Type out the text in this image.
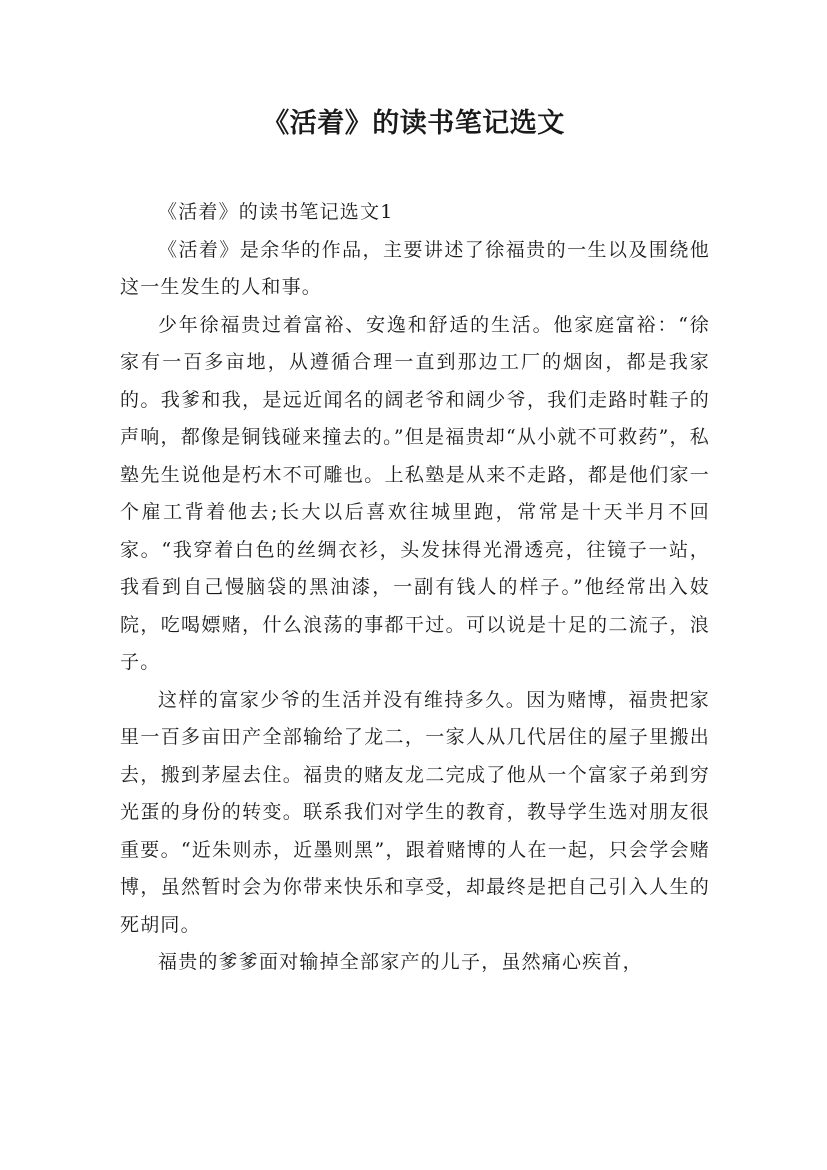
《活着》的读书笔记选文

《活着》的读书笔记选文1

《活着》是余华的作品，主要讲述了徐福贵的一生以及围绕他这一生发生的人和事。

少年徐福贵过着富裕、安逸和舒适的生活。他家庭富裕：“徐家有一百多亩地，从遵循合理一直到那边工厂的烟囱，都是我家的。我爹和我，是远近闻名的阔老爷和阔少爷，我们走路时鞋子的声响，都像是铜钱碰来撞去的。”但是福贵却“从小就不可救药”，私塾先生说他是朽木不可雕也。上私塾是从来不走路，都是他们家一个雇工背着他去;长大以后喜欢往城里跑，常常是十天半月不回家。“我穿着白色的丝绸衣衫，头发抹得光滑透亮，往镜子一站，我看到自己慢脑袋的黑油漆，一副有钱人的样子。”他经常出入妓院，吃喝嫖赌，什么浪荡的事都干过。可以说是十足的二流子，浪子。

这样的富家少爷的生活并没有维持多久。因为赌博，福贵把家里一百多亩田产全部输给了龙二，一家人从几代居住的屋子里搬出去，搬到茅屋去住。福贵的赌友龙二完成了他从一个富家子弟到穷光蛋的身份的转变。联系我们对学生的教育，教导学生选对朋友很重要。“近朱则赤，近墨则黑”，跟着赌博的人在一起，只会学会赌博，虽然暂时会为你带来快乐和享受，却最终是把自己引入人生的死胡同。

福贵的爹爹面对输掉全部家产的儿子，虽然痛心疾首，
